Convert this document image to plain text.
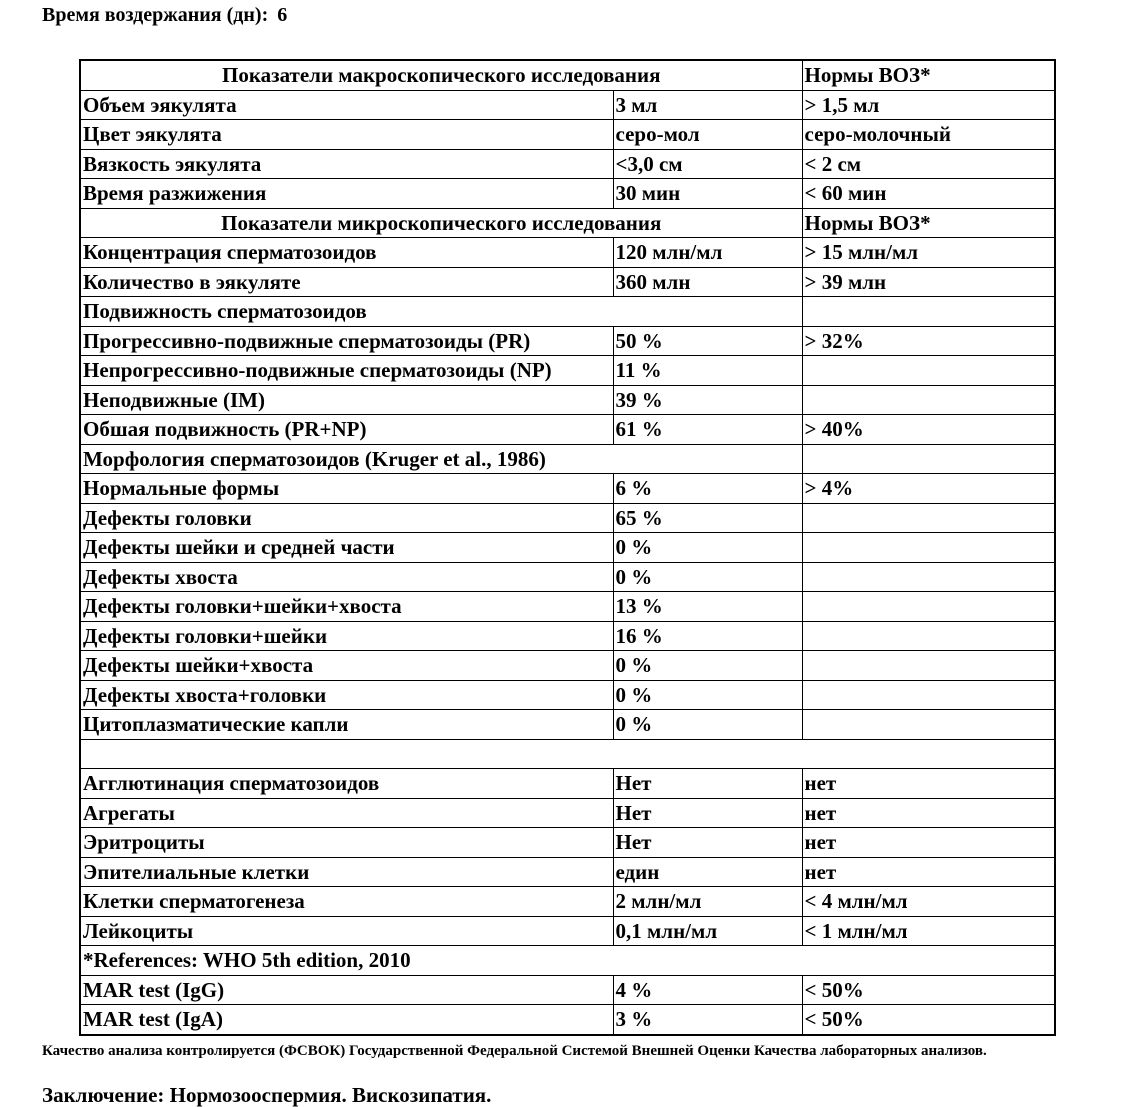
Время воздержания (дн): 6
Показатели макроскопического исследования		Нормы ВОЗ*
Объем эякулята	3 мл	> 1,5 мл
Цвет эякулята	серо-мол	серо-молочный
Вязкость эякулята	<3,0 см	< 2 см
Время разжижения	30 мин	< 60 мин
Показатели микроскопического исследования		Нормы ВОЗ*
Концентрация сперматозоидов	120 млн/мл	> 15 млн/мл
Количество в эякуляте	360 млн	> 39 млн
Подвижность сперматозоидов		
Прогрессивно-подвижные сперматозоиды (PR)	50 %	> 32%
Непрогрессивно-подвижные сперматозоиды (NP)	11 %	
Неподвижные (IM)	39 %	
Обшая подвижность (PR+NP)	61 %	> 40%
Морфология сперматозоидов (Kruger et al., 1986)		
Нормальные формы	6 %	> 4%
Дефекты головки	65 %	
Дефекты шейки и средней части	0 %	
Дефекты хвоста	0 %	
Дефекты головки+шейки+хвоста	13 %	
Дефекты головки+шейки	16 %	
Дефекты шейки+хвоста	0 %	
Дефекты хвоста+головки	0 %	
Цитоплазматические капли	0 %	

Агглютинация сперматозоидов	Нет	нет
Агрегаты	Нет	нет
Эритроциты	Нет	нет
Эпителиальные клетки	един	нет
Клетки сперматогенеза	2 млн/мл	< 4 млн/мл
Лейкоциты	0,1 млн/мл	< 1 млн/мл
*References: WHO 5th edition, 2010		
MAR test (IgG)	4 %	< 50%
MAR test (IgA)	3 %	< 50%
Качество анализа контролируется (ФСВОК) Государственной Федеральной Системой Внешней Оценки Качества лабораторных анализов.
Заключение: Нормозооспермия. Вискозипатия.
